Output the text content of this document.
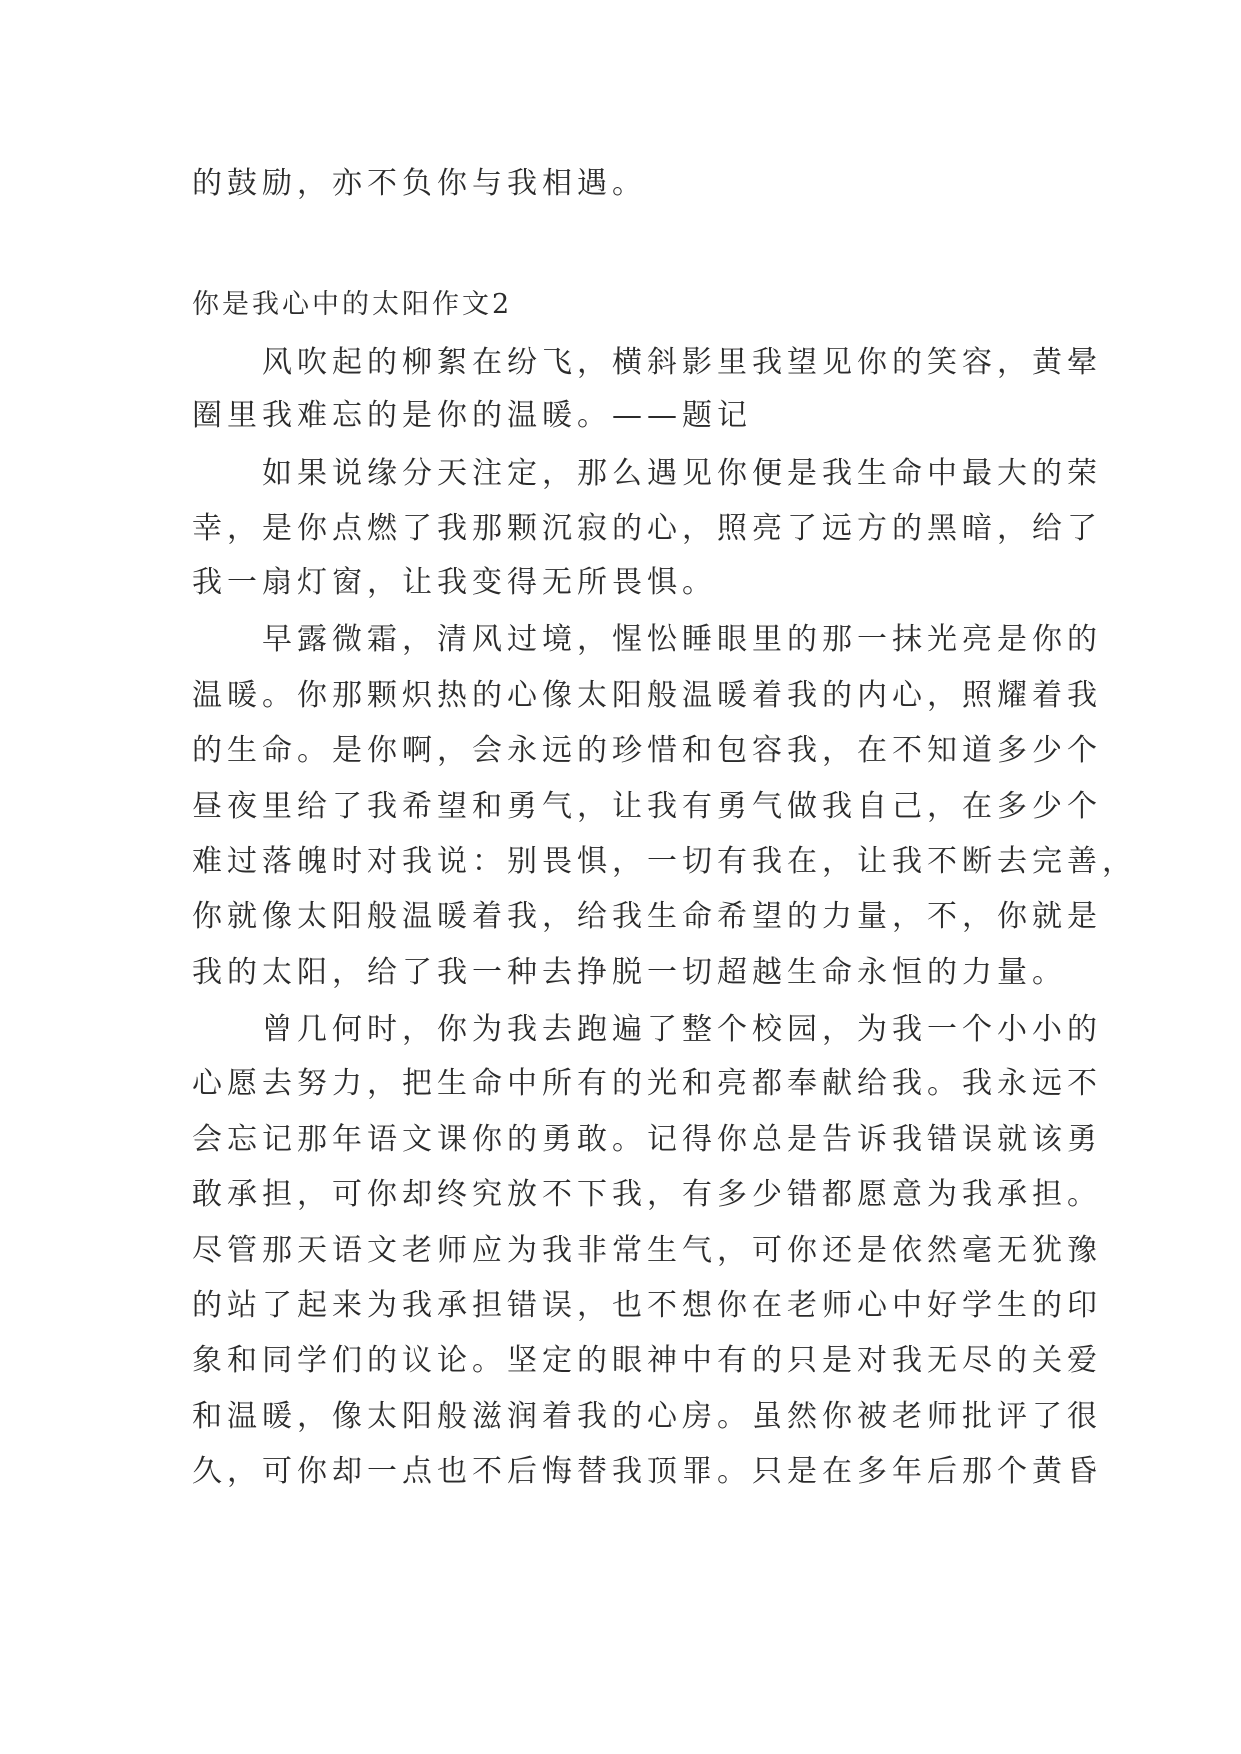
的鼓励，亦不负你与我相遇。
你是我心中的太阳作文2
　　风吹起的柳絮在纷飞，横斜影里我望见你的笑容，黄晕
圈里我难忘的是你的温暖。——题记
　　如果说缘分天注定，那么遇见你便是我生命中最大的荣
幸，是你点燃了我那颗沉寂的心，照亮了远方的黑暗，给了
我一扇灯窗，让我变得无所畏惧。
　　早露微霜，清风过境，惺忪睡眼里的那一抹光亮是你的
温暖。你那颗炽热的心像太阳般温暖着我的内心，照耀着我
的生命。是你啊，会永远的珍惜和包容我，在不知道多少个
昼夜里给了我希望和勇气，让我有勇气做我自己，在多少个
难过落魄时对我说：别畏惧，一切有我在，让我不断去完善，
你就像太阳般温暖着我，给我生命希望的力量，不，你就是
我的太阳，给了我一种去挣脱一切超越生命永恒的力量。
　　曾几何时，你为我去跑遍了整个校园，为我一个小小的
心愿去努力，把生命中所有的光和亮都奉献给我。我永远不
会忘记那年语文课你的勇敢。记得你总是告诉我错误就该勇
敢承担，可你却终究放不下我，有多少错都愿意为我承担。
尽管那天语文老师应为我非常生气，可你还是依然毫无犹豫
的站了起来为我承担错误，也不想你在老师心中好学生的印
象和同学们的议论。坚定的眼神中有的只是对我无尽的关爱
和温暖，像太阳般滋润着我的心房。虽然你被老师批评了很
久，可你却一点也不后悔替我顶罪。只是在多年后那个黄昏
